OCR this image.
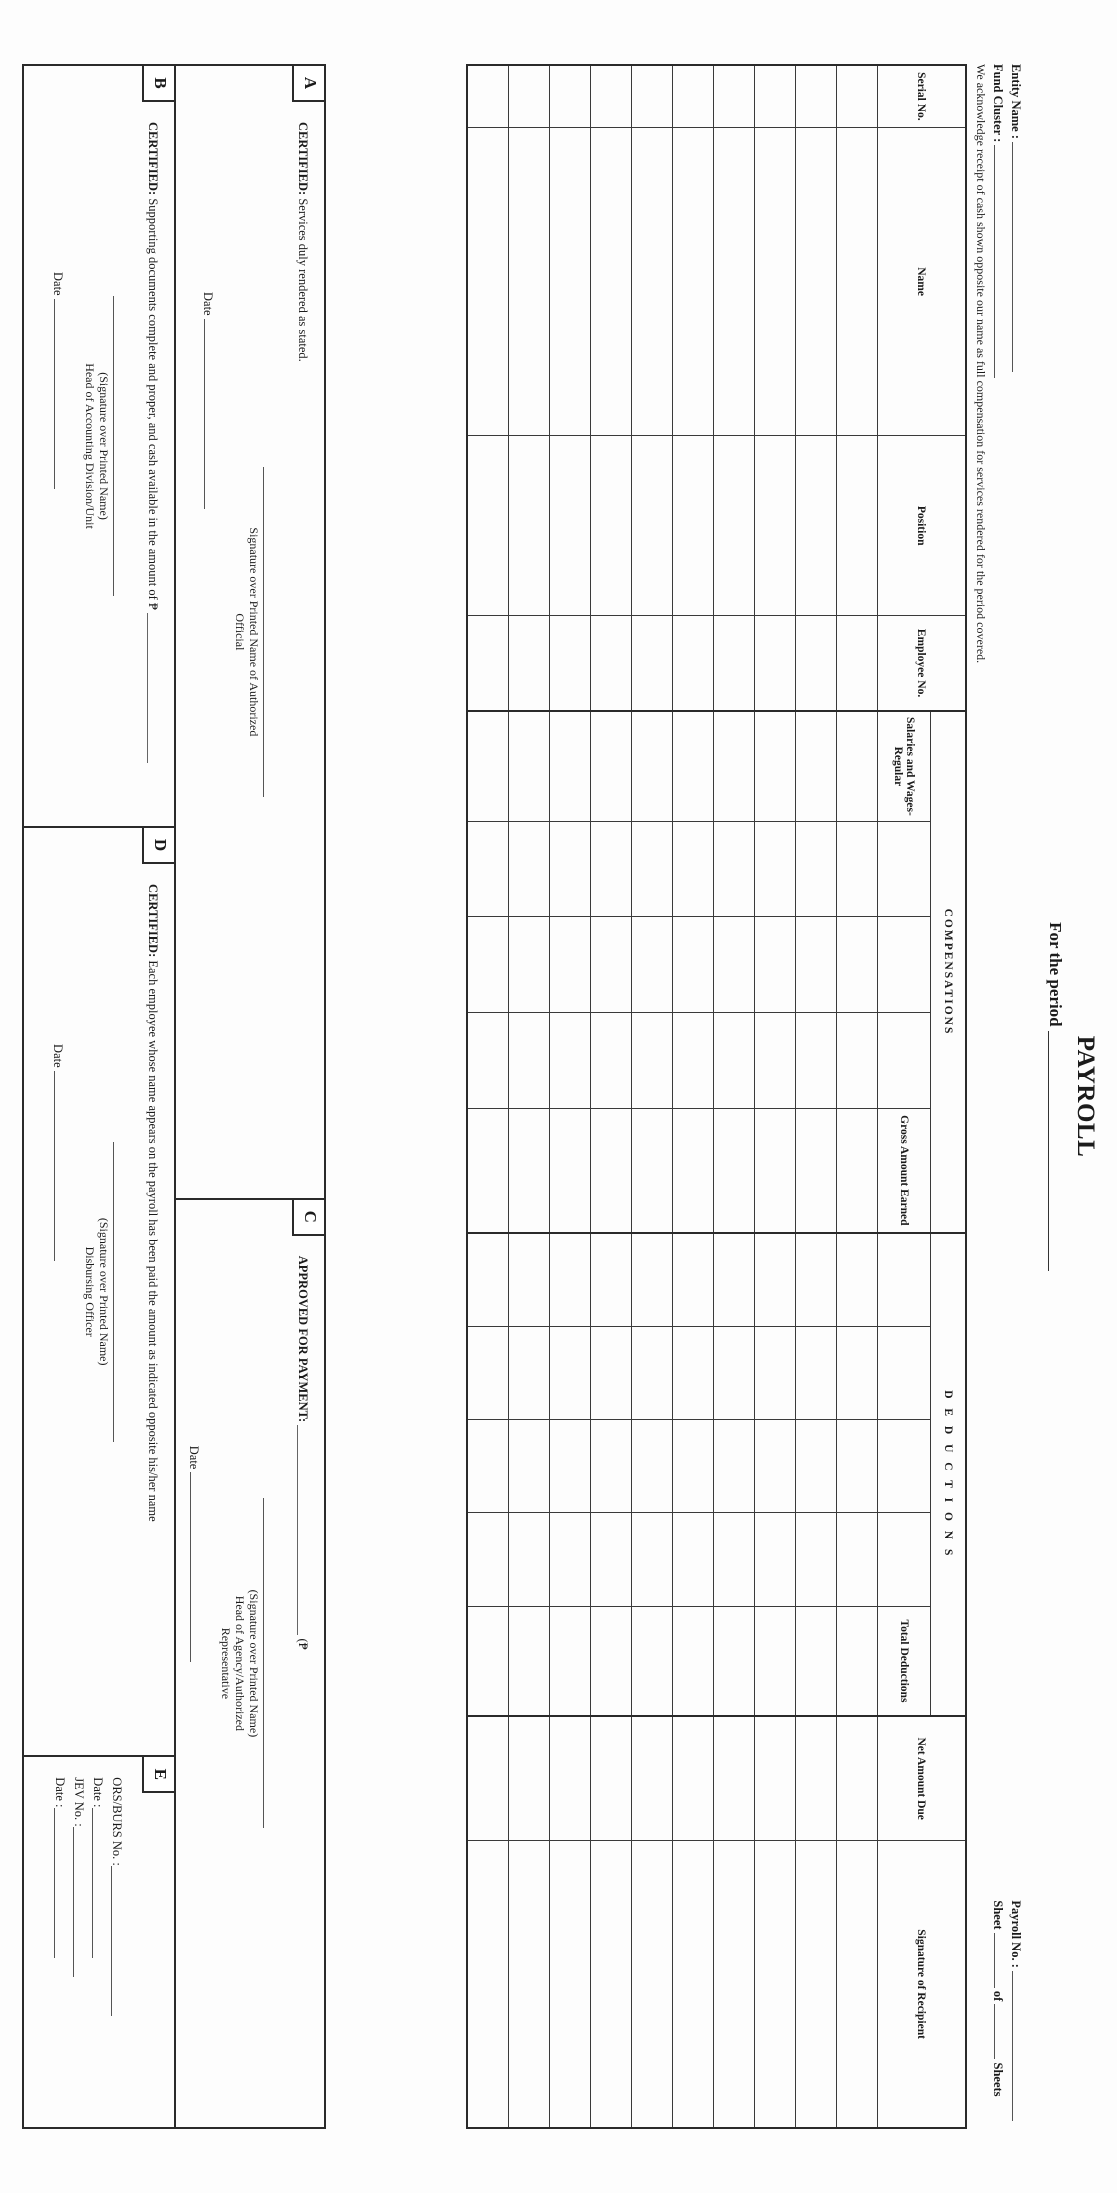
PAYROLL
For the period
Entity Name :
Fund Cluster :
We acknowledge receipt of cash shown opposite our name as full compensation for services rendered for the period covered.
Payroll No. :
Sheet  of  Sheets
Serial No.	Name	Position	Employee No.	COMPENSATIONS					D E D U C T I O N S					Net Amount Due	Signature of Recipient
				Salaries and Wages- Regular				Gross Amount Earned					Total Deductions		

A
CERTIFIED: Services duly rendered as stated.
Signature over Printed Name of Authorized
Official
Date
C
APPROVED FOR PAYMENT:  (₱
(Signature over Printed Name)
Head of Agency/Authorized
Representative
Date
B
CERTIFIED: Supporting documents complete and proper, and cash available in the amount of ₱
(Signature over Printed Name)
Head of Accounting Division/Unit
Date
D
CERTIFIED: Each employee whose name appears on the payroll has been paid the amount as indicated opposite his/her name
(Signature over Printed Name)
Disbursing Officer
Date
E
ORS/BURS No. :
Date :
JEV No. :
Date :
